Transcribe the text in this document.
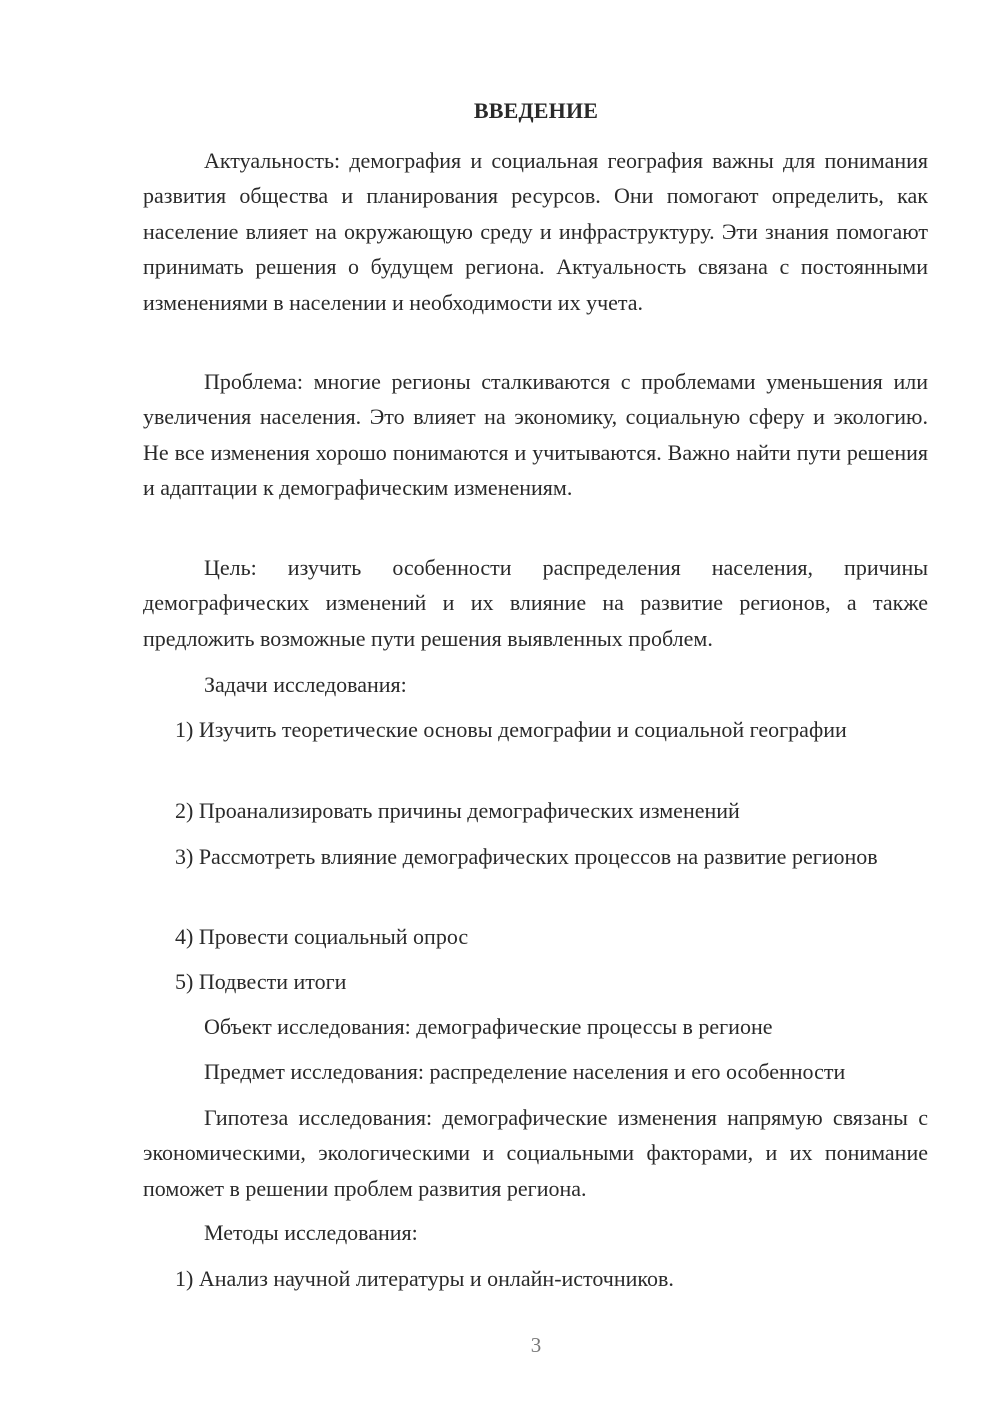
ВВЕДЕНИЕ

Актуальность: демография и социальная география важны для понимания развития общества и планирования ресурсов. Они помогают определить, как население влияет на окружающую среду и инфраструктуру. Эти знания помогают принимать решения о будущем региона. Актуальность связана с постоянными изменениями в населении и необходимости их учета.

Проблема: многие регионы сталкиваются с проблемами уменьшения или увеличения населения. Это влияет на экономику, социальную сферу и экологию. Не все изменения хорошо понимаются и учитываются. Важно найти пути решения и адаптации к демографическим изменениям.

Цель: изучить особенности распределения населения, причины демографических изменений и их влияние на развитие регионов, а также предложить возможные пути решения выявленных проблем.

Задачи исследования:

1) Изучить теоретические основы демографии и социальной географии

2) Проанализировать причины демографических изменений

3) Рассмотреть влияние демографических процессов на развитие регионов

4) Провести социальный опрос

5) Подвести итоги

Объект исследования: демографические процессы в регионе

Предмет исследования: распределение населения и его особенности

Гипотеза исследования: демографические изменения напрямую связаны с экономическими, экологическими и социальными факторами, и их понимание поможет в решении проблем развития региона.

Методы исследования:

1) Анализ научной литературы и онлайн-источников.

3
